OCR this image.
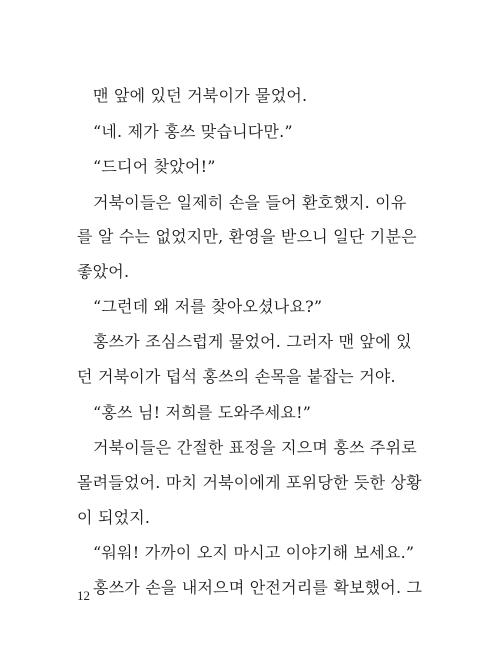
맨 앞에 있던 거북이가 물었어.
“네. 제가 홍쓰 맞습니다만.”
“드디어 찾았어!”
거북이들은 일제히 손을 들어 환호했지. 이유
를 알 수는 없었지만, 환영을 받으니 일단 기분은
좋았어.
“그런데 왜 저를 찾아오셨나요?”
홍쓰가 조심스럽게 물었어. 그러자 맨 앞에 있
던 거북이가 덥석 홍쓰의 손목을 붙잡는 거야.
“홍쓰 님! 저희를 도와주세요!”
거북이들은 간절한 표정을 지으며 홍쓰 주위로
몰려들었어. 마치 거북이에게 포위당한 듯한 상황
이 되었지.
“워워! 가까이 오지 마시고 이야기해 보세요.”
홍쓰가 손을 내저으며 안전거리를 확보했어. 그
12
